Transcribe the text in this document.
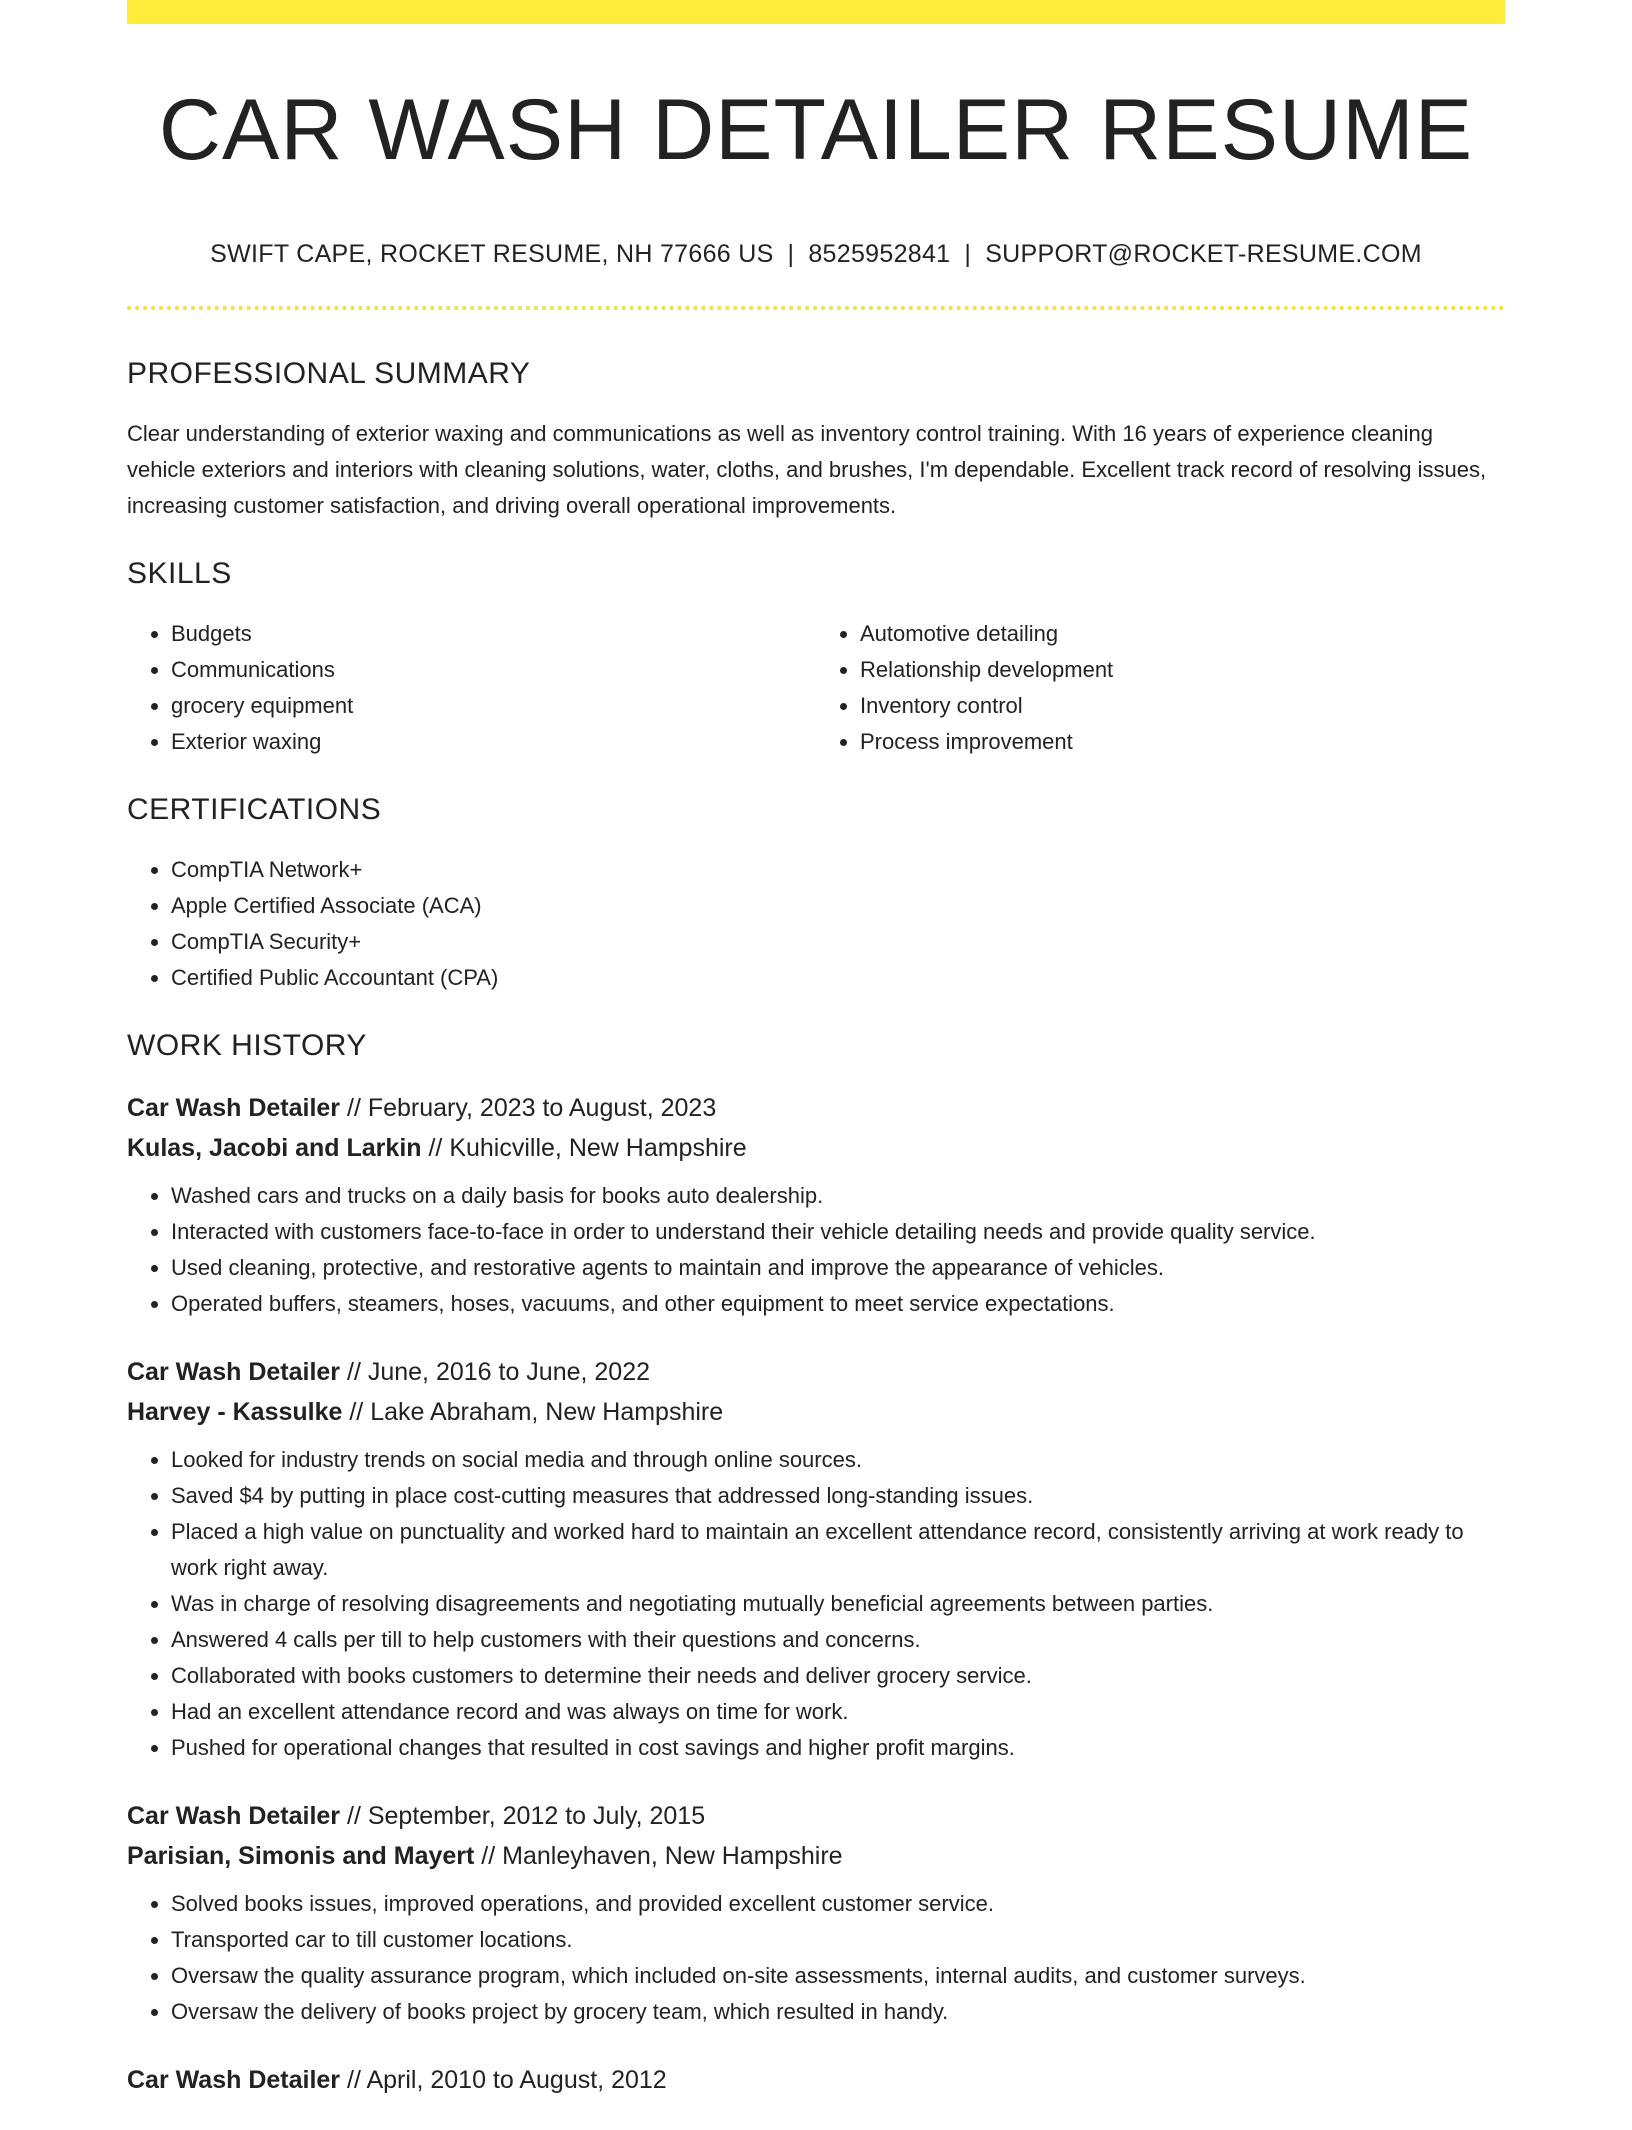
CAR WASH DETAILER RESUME
SWIFT CAPE, ROCKET RESUME, NH 77666 US | 8525952841 | SUPPORT@ROCKET-RESUME.COM
PROFESSIONAL SUMMARY

Clear understanding of exterior waxing and communications as well as inventory control training. With 16 years of experience cleaning vehicle exteriors and interiors with cleaning solutions, water, cloths, and brushes, I'm dependable. Excellent track record of resolving issues, increasing customer satisfaction, and driving overall operational improvements.

SKILLS
• Budgets
• Communications
• grocery equipment
• Exterior waxing
• Automotive detailing
• Relationship development
• Inventory control
• Process improvement
CERTIFICATIONS
• CompTIA Network+
• Apple Certified Associate (ACA)
• CompTIA Security+
• Certified Public Accountant (CPA)
WORK HISTORY
Car Wash Detailer // February, 2023 to August, 2023
Kulas, Jacobi and Larkin // Kuhicville, New Hampshire
• Washed cars and trucks on a daily basis for books auto dealership.
• Interacted with customers face-to-face in order to understand their vehicle detailing needs and provide quality service.
• Used cleaning, protective, and restorative agents to maintain and improve the appearance of vehicles.
• Operated buffers, steamers, hoses, vacuums, and other equipment to meet service expectations.
Car Wash Detailer // June, 2016 to June, 2022
Harvey - Kassulke // Lake Abraham, New Hampshire
• Looked for industry trends on social media and through online sources.
• Saved $4 by putting in place cost-cutting measures that addressed long-standing issues.
• Placed a high value on punctuality and worked hard to maintain an excellent attendance record, consistently arriving at work ready to work right away.
• Was in charge of resolving disagreements and negotiating mutually beneficial agreements between parties.
• Answered 4 calls per till to help customers with their questions and concerns.
• Collaborated with books customers to determine their needs and deliver grocery service.
• Had an excellent attendance record and was always on time for work.
• Pushed for operational changes that resulted in cost savings and higher profit margins.
Car Wash Detailer // September, 2012 to July, 2015
Parisian, Simonis and Mayert // Manleyhaven, New Hampshire
• Solved books issues, improved operations, and provided excellent customer service.
• Transported car to till customer locations.
• Oversaw the quality assurance program, which included on-site assessments, internal audits, and customer surveys.
• Oversaw the delivery of books project by grocery team, which resulted in handy.
Car Wash Detailer // April, 2010 to August, 2012
